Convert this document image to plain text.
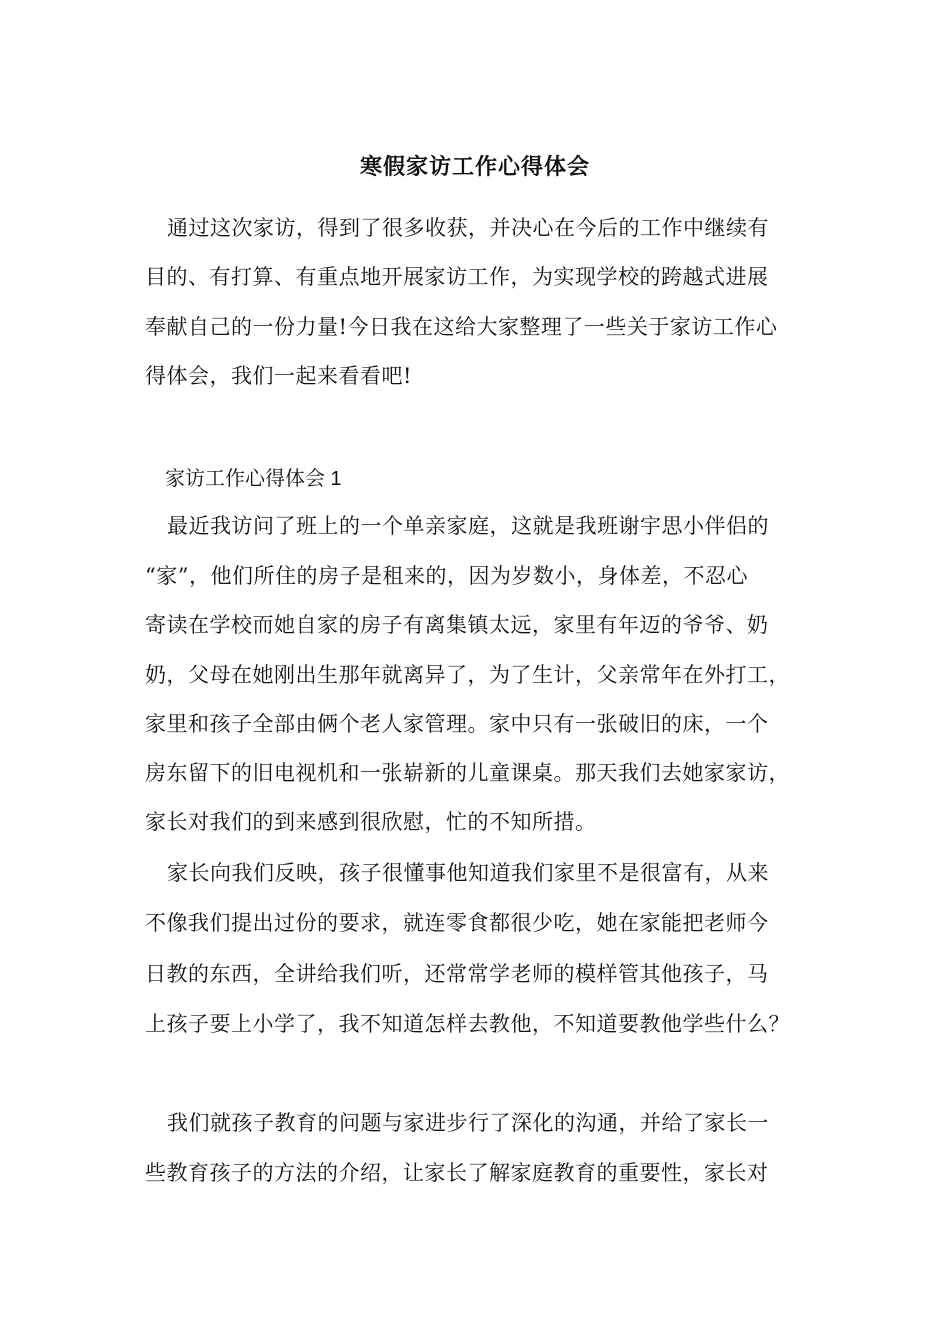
寒假家访工作心得体会
通过这次家访，得到了很多收获，并决心在今后的工作中继续有
目的、有打算、有重点地开展家访工作，为实现学校的跨越式进展
奉献自己的一份力量!今日我在这给大家整理了一些关于家访工作心
得体会，我们一起来看看吧!
家访工作心得体会 1
最近我访问了班上的一个单亲家庭，这就是我班谢宇思小伴侣的
“家”，他们所住的房子是租来的，因为岁数小，身体差，不忍心
寄读在学校而她自家的房子有离集镇太远，家里有年迈的爷爷、奶
奶，父母在她刚出生那年就离异了，为了生计，父亲常年在外打工，
家里和孩子全部由俩个老人家管理。家中只有一张破旧的床，一个
房东留下的旧电视机和一张崭新的儿童课桌。那天我们去她家家访，
家长对我们的到来感到很欣慰，忙的不知所措。
家长向我们反映，孩子很懂事他知道我们家里不是很富有，从来
不像我们提出过份的要求，就连零食都很少吃，她在家能把老师今
日教的东西，全讲给我们听，还常常学老师的模样管其他孩子，马
上孩子要上小学了，我不知道怎样去教他，不知道要教他学些什么？
我们就孩子教育的问题与家进步行了深化的沟通，并给了家长一
些教育孩子的方法的介绍，让家长了解家庭教育的重要性，家长对
